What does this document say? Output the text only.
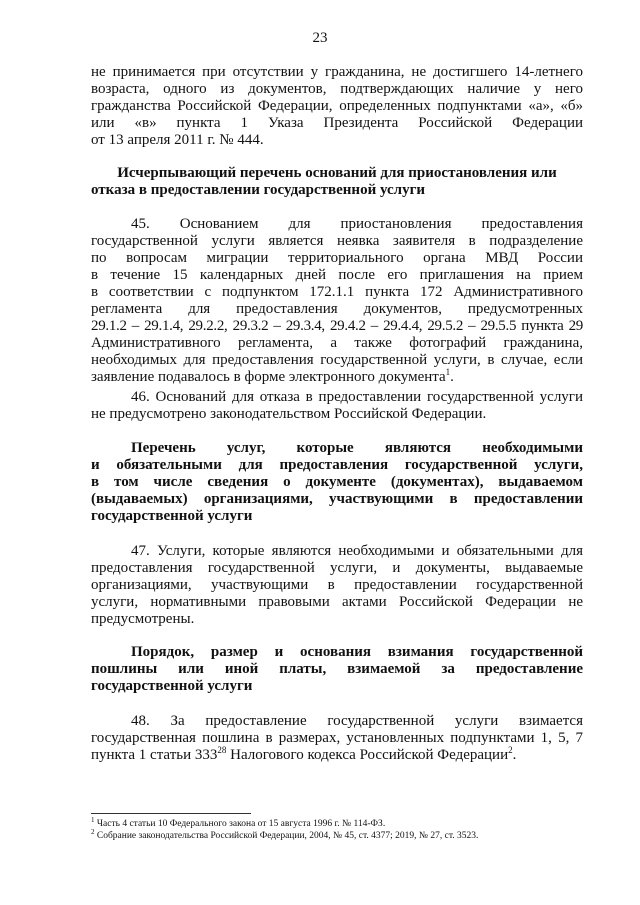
23
не принимается при отсутствии у гражданина, не достигшего 14-летнего
возраста, одного из документов, подтверждающих наличие у него
гражданства Российской Федерации, определенных подпунктами «а», «б»
или «в» пункта 1 Указа Президента Российской Федерации
от 13 апреля 2011 г. № 444.
Исчерпывающий перечень оснований для приостановления или
отказа в предоставлении государственной услуги
45. Основанием для приостановления предоставления
государственной услуги является неявка заявителя в подразделение
по вопросам миграции территориального органа МВД России
в течение 15 календарных дней после его приглашения на прием
в соответствии с подпунктом 172.1.1 пункта 172 Административного
регламента для предоставления документов, предусмотренных
29.1.2 – 29.1.4, 29.2.2, 29.3.2 – 29.3.4, 29.4.2 – 29.4.4, 29.5.2 – 29.5.5 пункта 29
Административного регламента, а также фотографий гражданина,
необходимых для предоставления государственной услуги, в случае, если
заявление подавалось в форме электронного документа$^1$.
46. Оснований для отказа в предоставлении государственной услуги
не предусмотрено законодательством Российской Федерации.
Перечень услуг, которые являются необходимыми
и обязательными для предоставления государственной услуги,
в том числе сведения о документе (документах), выдаваемом
(выдаваемых) организациями, участвующими в предоставлении
государственной услуги
47. Услуги, которые являются необходимыми и обязательными для
предоставления государственной услуги, и документы, выдаваемые
организациями, участвующими в предоставлении государственной
услуги, нормативными правовыми актами Российской Федерации не
предусмотрены.
Порядок, размер и основания взимания государственной
пошлины или иной платы, взимаемой за предоставление
государственной услуги
48. За предоставление государственной услуги взимается
государственная пошлина в размерах, установленных подпунктами 1, 5, 7
пункта 1 статьи $333^{28}$ Налогового кодекса Российской Федерации$^2$.
$^1$ Часть 4 статьи 10 Федерального закона от 15 августа 1996 г. № 114-ФЗ.
$^2$ Собрание законодательства Российской Федерации, 2004, № 45, ст. 4377; 2019, № 27, ст. 3523.
